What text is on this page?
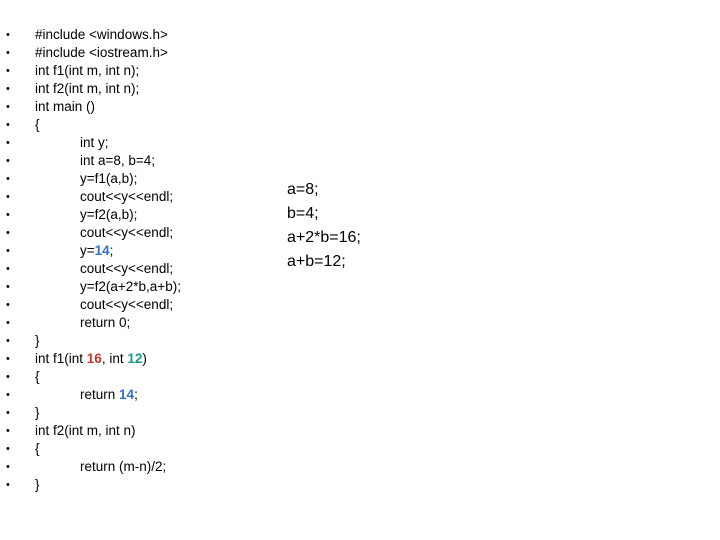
• #include <windows.h>
• #include <iostream.h>
• int f1(int m, int n);
• int f2(int m, int n);
• int main ()
• {
•	int y;
•	int a=8, b=4;
•	y=f1(a,b);
•	cout<<y<<endl;
•	y=f2(a,b);
•	cout<<y<<endl;
•	y=14;
•	cout<<y<<endl;
•	y=f2(a+2*b,a+b);
•	cout<<y<<endl;
•	return 0;
• }
• int f1(int 16, int 12)
• {
•	return 14;
• }
• int f2(int m, int n)
• {
•	return (m-n)/2;
• }
a=8;
b=4;
a+2*b=16;
a+b=12;
